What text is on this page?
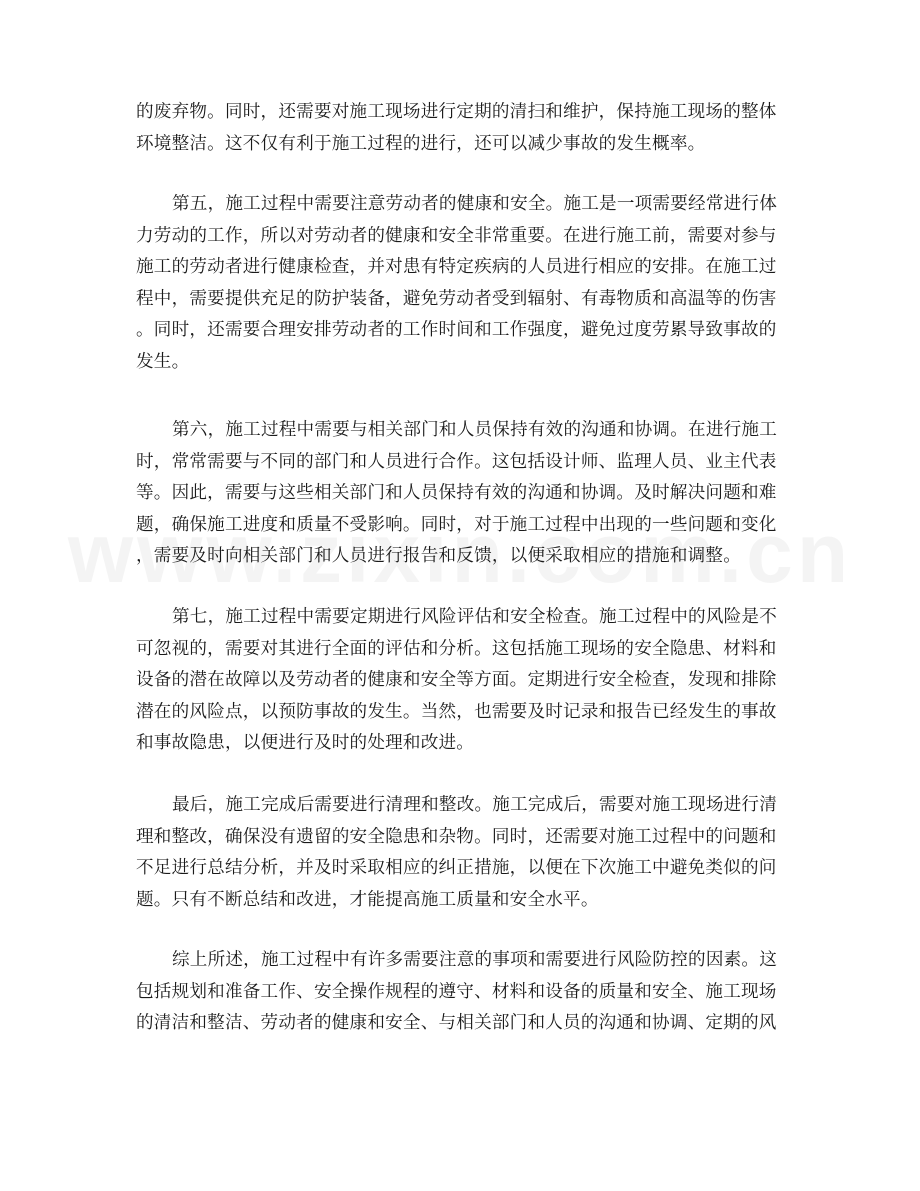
的废弃物。同时，还需要对施工现场进行定期的清扫和维护，保持施工现场的整体
环境整洁。这不仅有利于施工过程的进行，还可以减少事故的发生概率。
第五，施工过程中需要注意劳动者的健康和安全。施工是一项需要经常进行体
力劳动的工作，所以对劳动者的健康和安全非常重要。在进行施工前，需要对参与
施工的劳动者进行健康检查，并对患有特定疾病的人员进行相应的安排。在施工过
程中，需要提供充足的防护装备，避免劳动者受到辐射、有毒物质和高温等的伤害
。同时，还需要合理安排劳动者的工作时间和工作强度，避免过度劳累导致事故的
发生。
第六，施工过程中需要与相关部门和人员保持有效的沟通和协调。在进行施工
时，常常需要与不同的部门和人员进行合作。这包括设计师、监理人员、业主代表
等。因此，需要与这些相关部门和人员保持有效的沟通和协调。及时解决问题和难
题，确保施工进度和质量不受影响。同时，对于施工过程中出现的一些问题和变化
，需要及时向相关部门和人员进行报告和反馈，以便采取相应的措施和调整。
第七，施工过程中需要定期进行风险评估和安全检查。施工过程中的风险是不
可忽视的，需要对其进行全面的评估和分析。这包括施工现场的安全隐患、材料和
设备的潜在故障以及劳动者的健康和安全等方面。定期进行安全检查，发现和排除
潜在的风险点，以预防事故的发生。当然，也需要及时记录和报告已经发生的事故
和事故隐患，以便进行及时的处理和改进。
最后，施工完成后需要进行清理和整改。施工完成后，需要对施工现场进行清
理和整改，确保没有遗留的安全隐患和杂物。同时，还需要对施工过程中的问题和
不足进行总结分析，并及时采取相应的纠正措施，以便在下次施工中避免类似的问
题。只有不断总结和改进，才能提高施工质量和安全水平。
综上所述，施工过程中有许多需要注意的事项和需要进行风险防控的因素。这
包括规划和准备工作、安全操作规程的遵守、材料和设备的质量和安全、施工现场
的清洁和整洁、劳动者的健康和安全、与相关部门和人员的沟通和协调、定期的风
